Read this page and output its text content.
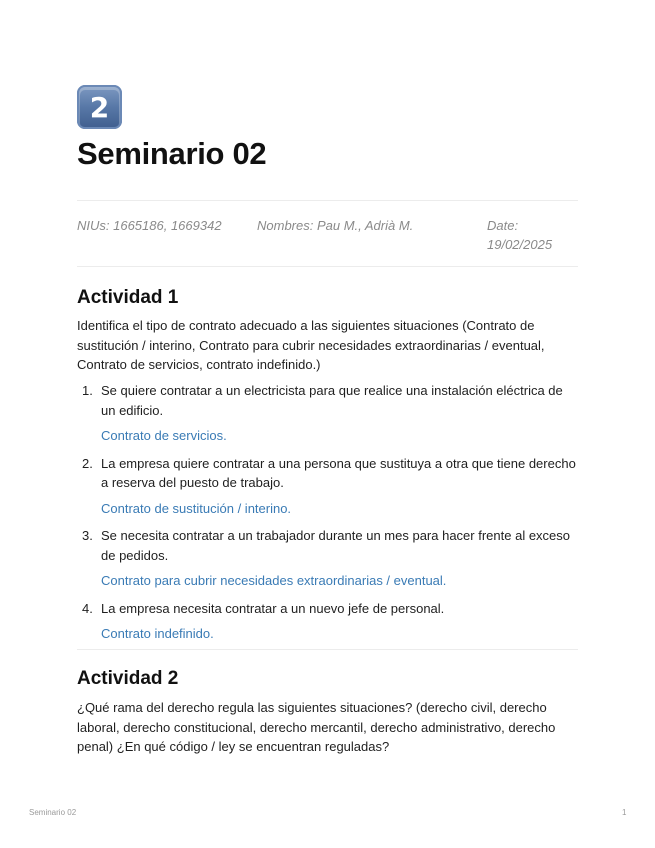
2
Seminario 02
NIUs: 1665186, 1669342	Nombres: Pau M., Adrià M.	Date: 19/02/2025
Actividad 1

Identifica el tipo de contrato adecuado a las siguientes situaciones (Contrato de sustitución / interino, Contrato para cubrir necesidades extraordinarias / eventual, Contrato de servicios, contrato indefinido.)

1. Se quiere contratar a un electricista para que realice una instalación eléctrica de un edificio.
Contrato de servicios.
2. La empresa quiere contratar a una persona que sustituya a otra que tiene derecho a reserva del puesto de trabajo.
Contrato de sustitución / interino.
3. Se necesita contratar a un trabajador durante un mes para hacer frente al exceso de pedidos.
Contrato para cubrir necesidades extraordinarias / eventual.
4. La empresa necesita contratar a un nuevo jefe de personal.
Contrato indefinido.
Actividad 2

¿Qué rama del derecho regula las siguientes situaciones? (derecho civil, derecho laboral, derecho constitucional, derecho mercantil, derecho administrativo, derecho penal) ¿En qué código / ley se encuentran reguladas?

Seminario 02	1
